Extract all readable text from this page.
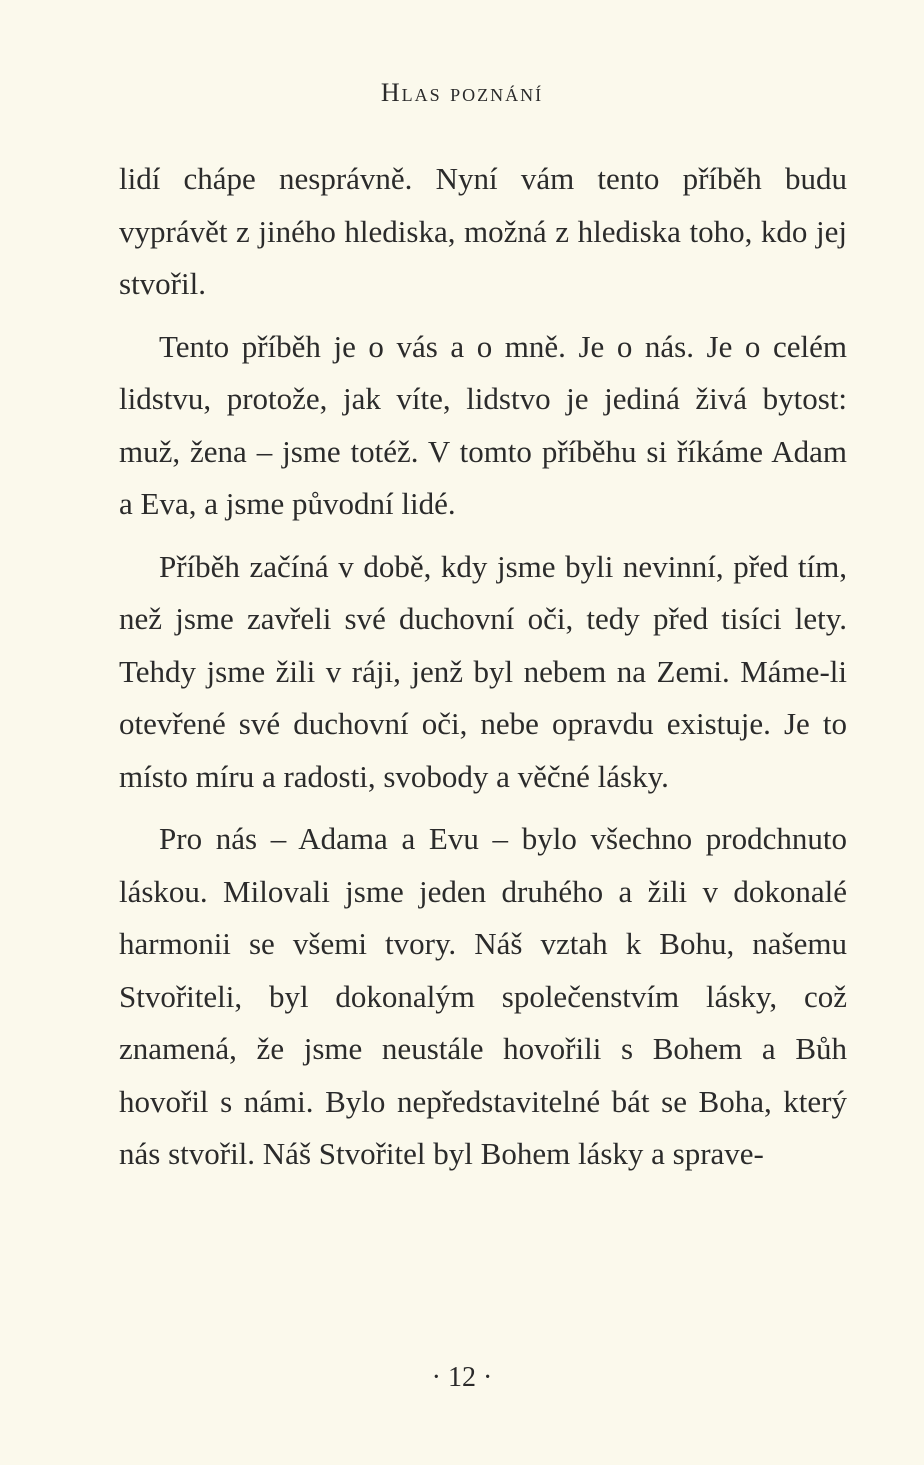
Hlas poznání

lidí chápe nesprávně. Nyní vám tento příběh budu vyprávět z jiného hlediska, možná z hlediska toho, kdo jej stvořil.

Tento příběh je o vás a o mně. Je o nás. Je o celém lidstvu, protože, jak víte, lidstvo je jediná živá bytost: muž, žena – jsme totéž. V tomto příběhu si říkáme Adam a Eva, a jsme původní lidé.

Příběh začíná v době, kdy jsme byli nevinní, před tím, než jsme zavřeli své duchovní oči, tedy před tisíci lety. Tehdy jsme žili v ráji, jenž byl nebem na Zemi. Máme-li otevřené své duchovní oči, nebe opravdu existuje. Je to místo míru a radosti, svobody a věčné lásky.

Pro nás – Adama a Evu – bylo všechno prodchnuto láskou. Milovali jsme jeden druhého a žili v dokonalé harmonii se všemi tvory. Náš vztah k Bohu, našemu Stvořiteli, byl dokonalým společenstvím lásky, což znamená, že jsme neustále hovořili s Bohem a Bůh hovořil s námi. Bylo nepředstavitelné bát se Boha, který nás stvořil. Náš Stvořitel byl Bohem lásky a sprave-

· 12 ·
